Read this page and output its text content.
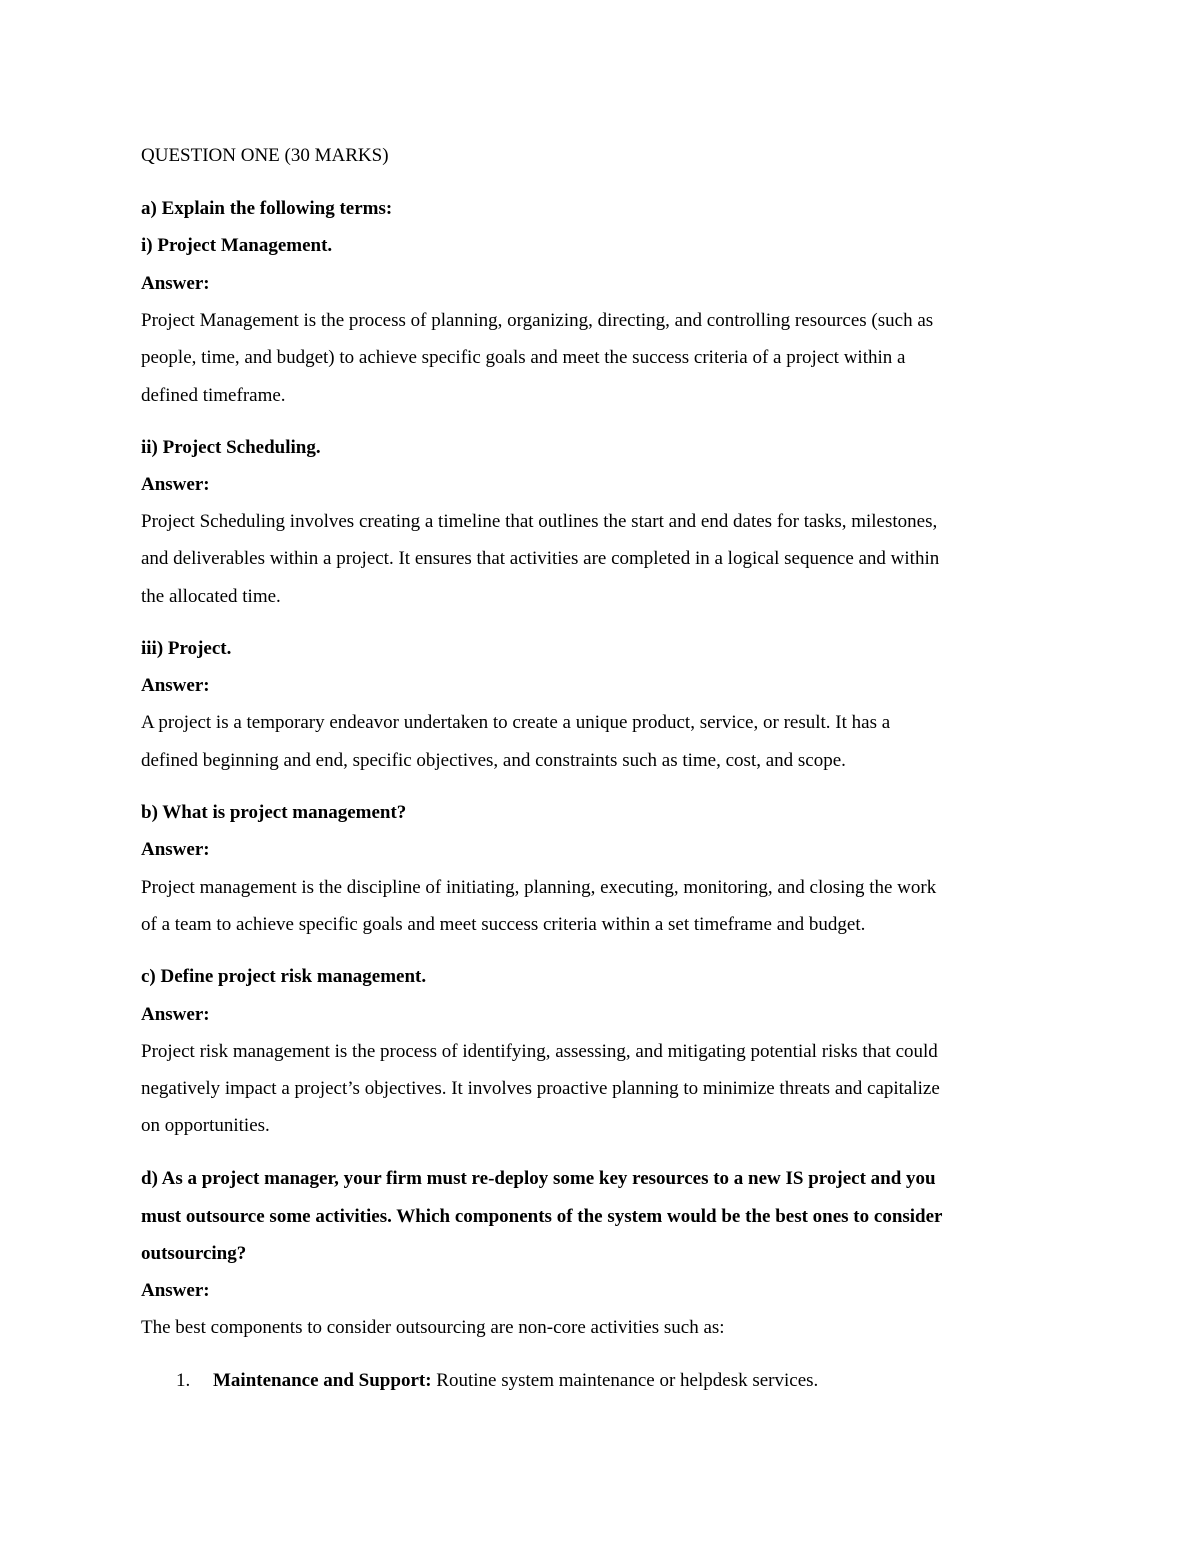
QUESTION ONE (30 MARKS)
a) Explain the following terms:
i) Project Management.
Answer:
Project Management is the process of planning, organizing, directing, and controlling resources (such as
people, time, and budget) to achieve specific goals and meet the success criteria of a project within a
defined timeframe.
ii) Project Scheduling.
Answer:
Project Scheduling involves creating a timeline that outlines the start and end dates for tasks, milestones,
and deliverables within a project. It ensures that activities are completed in a logical sequence and within
the allocated time.
iii) Project.
Answer:
A project is a temporary endeavor undertaken to create a unique product, service, or result. It has a
defined beginning and end, specific objectives, and constraints such as time, cost, and scope.
b) What is project management?
Answer:
Project management is the discipline of initiating, planning, executing, monitoring, and closing the work
of a team to achieve specific goals and meet success criteria within a set timeframe and budget.
c) Define project risk management.
Answer:
Project risk management is the process of identifying, assessing, and mitigating potential risks that could
negatively impact a project’s objectives. It involves proactive planning to minimize threats and capitalize
on opportunities.
d) As a project manager, your firm must re-deploy some key resources to a new IS project and you
must outsource some activities. Which components of the system would be the best ones to consider
outsourcing?
Answer:
The best components to consider outsourcing are non-core activities such as:
1. Maintenance and Support: Routine system maintenance or helpdesk services.
